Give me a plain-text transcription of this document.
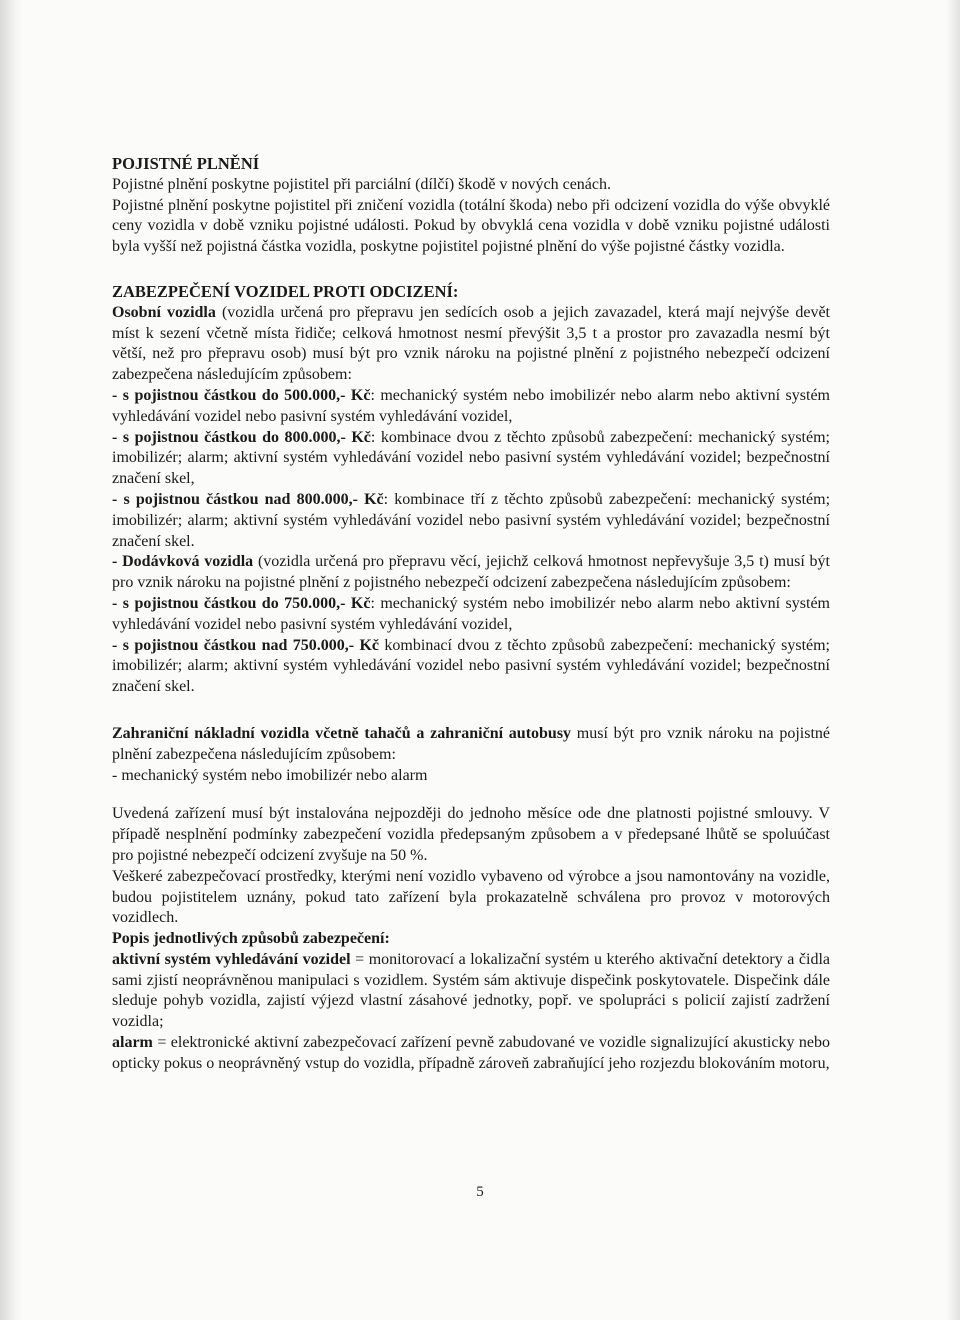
POJISTNÉ PLNĚNÍ

Pojistné plnění poskytne pojistitel při parciální (dílčí) škodě v nových cenách.

Pojistné plnění poskytne pojistitel při zničení vozidla (totální škoda) nebo při odcizení vozidla do výše obvyklé ceny vozidla v době vzniku pojistné události. Pokud by obvyklá cena vozidla v době vzniku pojistné události byla vyšší než pojistná částka vozidla, poskytne pojistitel pojistné plnění do výše pojistné částky vozidla.

ZABEZPEČENÍ VOZIDEL PROTI ODCIZENÍ:

Osobní vozidla (vozidla určená pro přepravu jen sedících osob a jejich zavazadel, která mají nejvýše devět míst k sezení včetně místa řidiče; celková hmotnost nesmí převýšit 3,5 t a prostor pro zavazadla nesmí být větší, než pro přepravu osob) musí být pro vznik nároku na pojistné plnění z pojistného nebezpečí odcizení zabezpečena následujícím způsobem:

- s pojistnou částkou do 500.000,- Kč: mechanický systém nebo imobilizér nebo alarm nebo aktivní systém vyhledávání vozidel nebo pasivní systém vyhledávání vozidel,

- s pojistnou částkou do 800.000,- Kč: kombinace dvou z těchto způsobů zabezpečení: mechanický systém; imobilizér; alarm; aktivní systém vyhledávání vozidel nebo pasivní systém vyhledávání vozidel; bezpečnostní značení skel,

- s pojistnou částkou nad 800.000,- Kč: kombinace tří z těchto způsobů zabezpečení: mechanický systém; imobilizér; alarm; aktivní systém vyhledávání vozidel nebo pasivní systém vyhledávání vozidel; bezpečnostní značení skel.

- Dodávková vozidla (vozidla určená pro přepravu věcí, jejichž celková hmotnost nepřevyšuje 3,5 t) musí být pro vznik nároku na pojistné plnění z pojistného nebezpečí odcizení zabezpečena následujícím způsobem:

- s pojistnou částkou do 750.000,- Kč: mechanický systém nebo imobilizér nebo alarm nebo aktivní systém vyhledávání vozidel nebo pasivní systém vyhledávání vozidel,

- s pojistnou částkou nad 750.000,- Kč kombinací dvou z těchto způsobů zabezpečení: mechanický systém; imobilizér; alarm; aktivní systém vyhledávání vozidel nebo pasivní systém vyhledávání vozidel; bezpečnostní značení skel.

Zahraniční nákladní vozidla včetně tahačů a zahraniční autobusy musí být pro vznik nároku na pojistné plnění zabezpečena následujícím způsobem:

- mechanický systém nebo imobilizér nebo alarm

Uvedená zařízení musí být instalována nejpozději do jednoho měsíce ode dne platnosti pojistné smlouvy. V případě nesplnění podmínky zabezpečení vozidla předepsaným způsobem a v předepsané lhůtě se spoluúčast pro pojistné nebezpečí odcizení zvyšuje na 50 %.

Veškeré zabezpečovací prostředky, kterými není vozidlo vybaveno od výrobce a jsou namontovány na vozidle, budou pojistitelem uznány, pokud tato zařízení byla prokazatelně schválena pro provoz v motorových vozidlech.

Popis jednotlivých způsobů zabezpečení:

aktivní systém vyhledávání vozidel = monitorovací a lokalizační systém u kterého aktivační detektory a čidla sami zjistí neoprávněnou manipulaci s vozidlem. Systém sám aktivuje dispečink poskytovatele. Dispečink dále sleduje pohyb vozidla, zajistí výjezd vlastní zásahové jednotky, popř. ve spolupráci s policií zajistí zadržení vozidla;

alarm = elektronické aktivní zabezpečovací zařízení pevně zabudované ve vozidle signalizující akusticky nebo opticky pokus o neoprávněný vstup do vozidla, případně zároveň zabraňující jeho rozjezdu blokováním motoru,

5
